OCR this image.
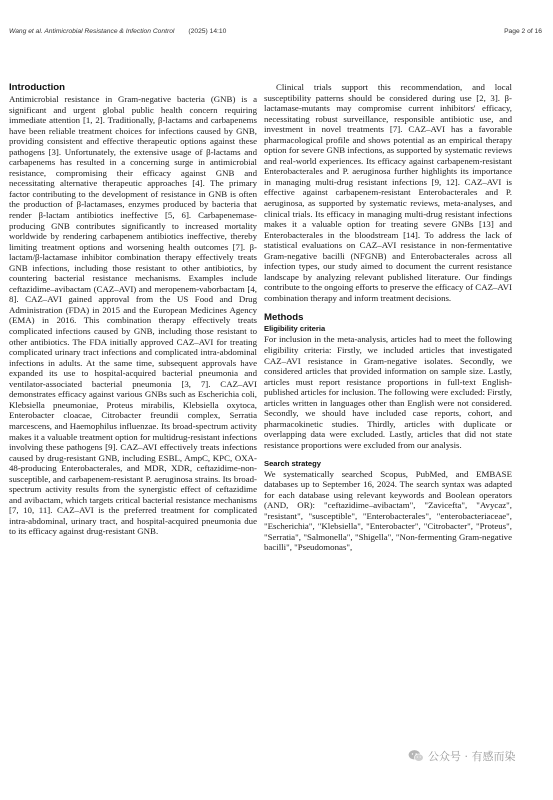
Wang et al. Antimicrobial Resistance & Infection Control (2025) 14:10	Page 2 of 16
Introduction

Antimicrobial resistance in Gram-negative bacteria (GNB) is a significant and urgent global public health concern requiring immediate attention [1, 2]. Traditionally, β-lactams and carbapenems have been reliable treatment choices for infections caused by GNB, providing consistent and effective therapeutic options against these pathogens [3]. Unfortunately, the extensive usage of β-lactams and carbapenems has resulted in a concerning surge in antimicrobial resistance, compromising their efficacy against GNB and necessitating alternative therapeutic approaches [4]. The primary factor contributing to the development of resistance in GNB is often the production of β-lactamases, enzymes produced by bacteria that render β-lactam antibiotics ineffective [5, 6]. Carbapenemase-producing GNB contributes significantly to increased mortality worldwide by rendering carbapenem antibiotics ineffective, thereby limiting treatment options and worsening health outcomes [7]. β-lactam/β-lactamase inhibitor combination therapy effectively treats GNB infections, including those resistant to other antibiotics, by countering bacterial resistance mechanisms. Examples include ceftazidime–avibactam (CAZ–AVI) and meropenem-vaborbactam [4, 8]. CAZ–AVI gained approval from the US Food and Drug Administration (FDA) in 2015 and the European Medicines Agency (EMA) in 2016. This combination therapy effectively treats complicated infections caused by GNB, including those resistant to other antibiotics. The FDA initially approved CAZ–AVI for treating complicated urinary tract infections and complicated intra-abdominal infections in adults. At the same time, subsequent approvals have expanded its use to hospital-acquired bacterial pneumonia and ventilator-associated bacterial pneumonia [3, 7]. CAZ–AVI demonstrates efficacy against various GNBs such as Escherichia coli, Klebsiella pneumoniae, Proteus mirabilis, Klebsiella oxytoca, Enterobacter cloacae, Citrobacter freundii complex, Serratia marcescens, and Haemophilus influenzae. Its broad-spectrum activity makes it a valuable treatment option for multidrug-resistant infections involving these pathogens [9]. CAZ–AVI effectively treats infections caused by drug-resistant GNB, including ESBL, AmpC, KPC, OXA-48-producing Enterobacterales, and MDR, XDR, ceftazidime-non-susceptible, and carbapenem-resistant P. aeruginosa strains. Its broad-spectrum activity results from the synergistic effect of ceftazidime and avibactam, which targets critical bacterial resistance mechanisms [7, 10, 11]. CAZ–AVI is the preferred treatment for complicated intra-abdominal, urinary tract, and hospital-acquired pneumonia due to its efficacy against drug-resistant GNB.

Clinical trials support this recommendation, and local susceptibility patterns should be considered during use [2, 3]. β-lactamase-mutants may compromise current inhibitors' efficacy, necessitating robust surveillance, responsible antibiotic use, and investment in novel treatments [7]. CAZ–AVI has a favorable pharmacological profile and shows potential as an empirical therapy option for severe GNB infections, as supported by systematic reviews and real-world experiences. Its efficacy against carbapenem-resistant Enterobacterales and P. aeruginosa further highlights its importance in managing multi-drug resistant infections [9, 12]. CAZ–AVI is effective against carbapenem-resistant Enterobacterales and P. aeruginosa, as supported by systematic reviews, meta-analyses, and clinical trials. Its efficacy in managing multi-drug resistant infections makes it a valuable option for treating severe GNBs [13] and Enterobacterales in the bloodstream [14]. To address the lack of statistical evaluations on CAZ–AVI resistance in non-fermentative Gram-negative bacilli (NFGNB) and Enterobacterales across all infection types, our study aimed to document the current resistance landscape by analyzing relevant published literature. Our findings contribute to the ongoing efforts to preserve the efficacy of CAZ–AVI combination therapy and inform treatment decisions.

Methods
Eligibility criteria

For inclusion in the meta-analysis, articles had to meet the following eligibility criteria: Firstly, we included articles that investigated CAZ–AVI resistance in Gram-negative isolates. Secondly, we considered articles that provided information on sample size. Lastly, articles must report resistance proportions in full-text English-published articles for inclusion. The following were excluded: Firstly, articles written in languages other than English were not considered. Secondly, we should have included case reports, cohort, and pharmacokinetic studies. Thirdly, articles with duplicate or overlapping data were excluded. Lastly, articles that did not state resistance proportions were excluded from our analysis.

Search strategy

We systematically searched Scopus, PubMed, and EMBASE databases up to September 16, 2024. The search syntax was adapted for each database using relevant keywords and Boolean operators (AND, OR): "ceftazidime–avibactam", "Zavicefta", "Avycaz", "resistant", "susceptible", "Enterobacterales", "enterobacteriaceae", "Escherichia", "Klebsiella", "Enterobacter", "Citrobacter", "Proteus", "Serratia", "Salmonella", "Shigella", "Non-fermenting Gram-negative bacilli", "Pseudomonas",

公众号 · 有感而染
